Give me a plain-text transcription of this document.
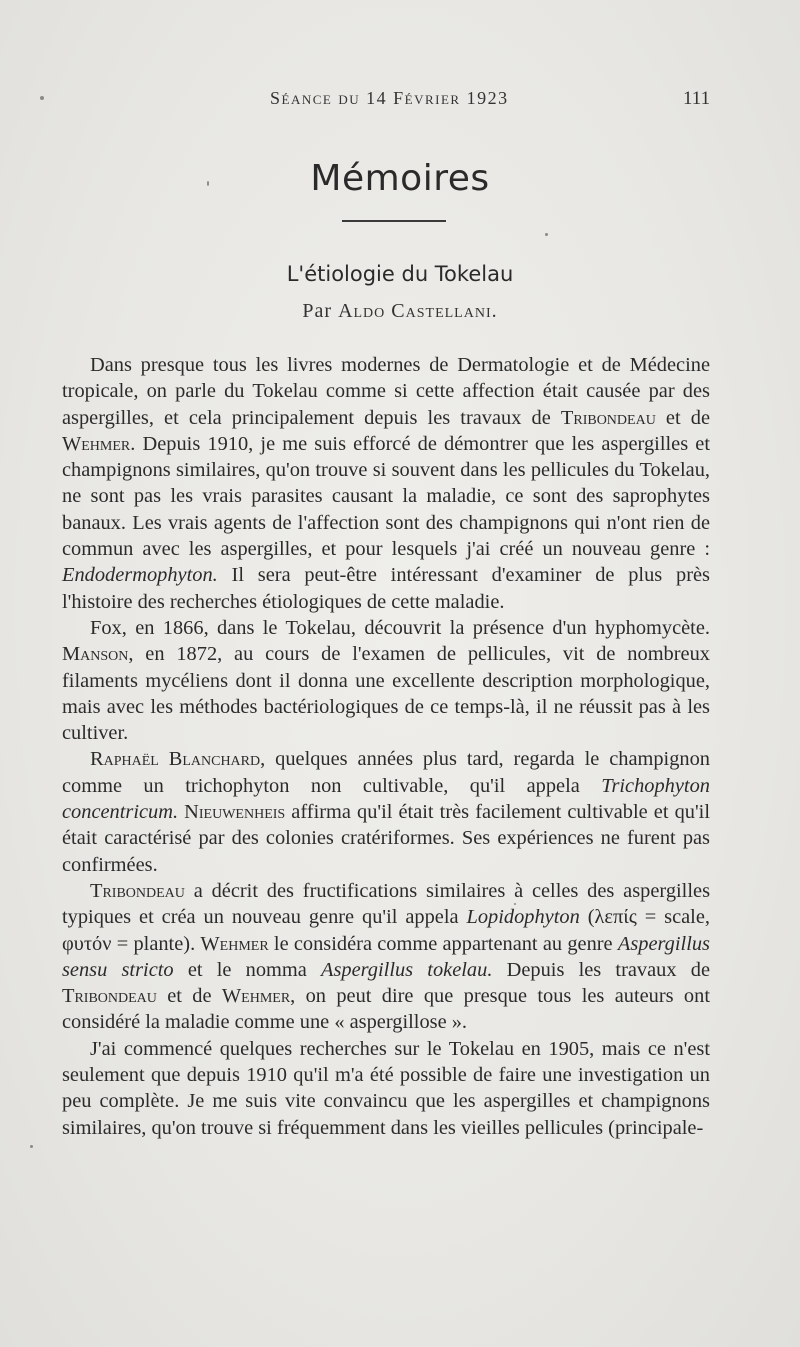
Séance du 14 Février 1923	111
Mémoires
L'étiologie du Tokelau
Par Aldo Castellani.

Dans presque tous les livres modernes de Dermatologie et de Médecine tropicale, on parle du Tokelau comme si cette affection était causée par des aspergilles, et cela principalement depuis les travaux de Tribondeau et de Wehmer. Depuis 1910, je me suis efforcé de démontrer que les aspergilles et champignons similaires, qu'on trouve si souvent dans les pellicules du Tokelau, ne sont pas les vrais parasites causant la maladie, ce sont des saprophytes banaux. Les vrais agents de l'affection sont des champignons qui n'ont rien de commun avec les aspergilles, et pour lesquels j'ai créé un nouveau genre : Endodermophyton. Il sera peut-être intéressant d'examiner de plus près l'histoire des recherches étiologiques de cette maladie.

Fox, en 1866, dans le Tokelau, découvrit la présence d'un hyphomycète. Manson, en 1872, au cours de l'examen de pellicules, vit de nombreux filaments mycéliens dont il donna une excellente description morphologique, mais avec les méthodes bactériologiques de ce temps-là, il ne réussit pas à les cultiver.

Raphaël Blanchard, quelques années plus tard, regarda le champignon comme un trichophyton non cultivable, qu'il appela Trichophyton concentricum. Nieuwenheis affirma qu'il était très facilement cultivable et qu'il était caractérisé par des colonies cratériformes. Ses expériences ne furent pas confirmées.

Tribondeau a décrit des fructifications similaires à celles des aspergilles typiques et créa un nouveau genre qu'il appela Lopidophyton (λεπίς = scale, φυτόν = plante). Wehmer le considéra comme appartenant au genre Aspergillus sensu stricto et le nomma Aspergillus tokelau. Depuis les travaux de Tribondeau et de Wehmer, on peut dire que presque tous les auteurs ont considéré la maladie comme une « aspergillose ».

J'ai commencé quelques recherches sur le Tokelau en 1905, mais ce n'est seulement que depuis 1910 qu'il m'a été possible de faire une investigation un peu complète. Je me suis vite convaincu que les aspergilles et champignons similaires, qu'on trouve si fréquemment dans les vieilles pellicules (principale-
